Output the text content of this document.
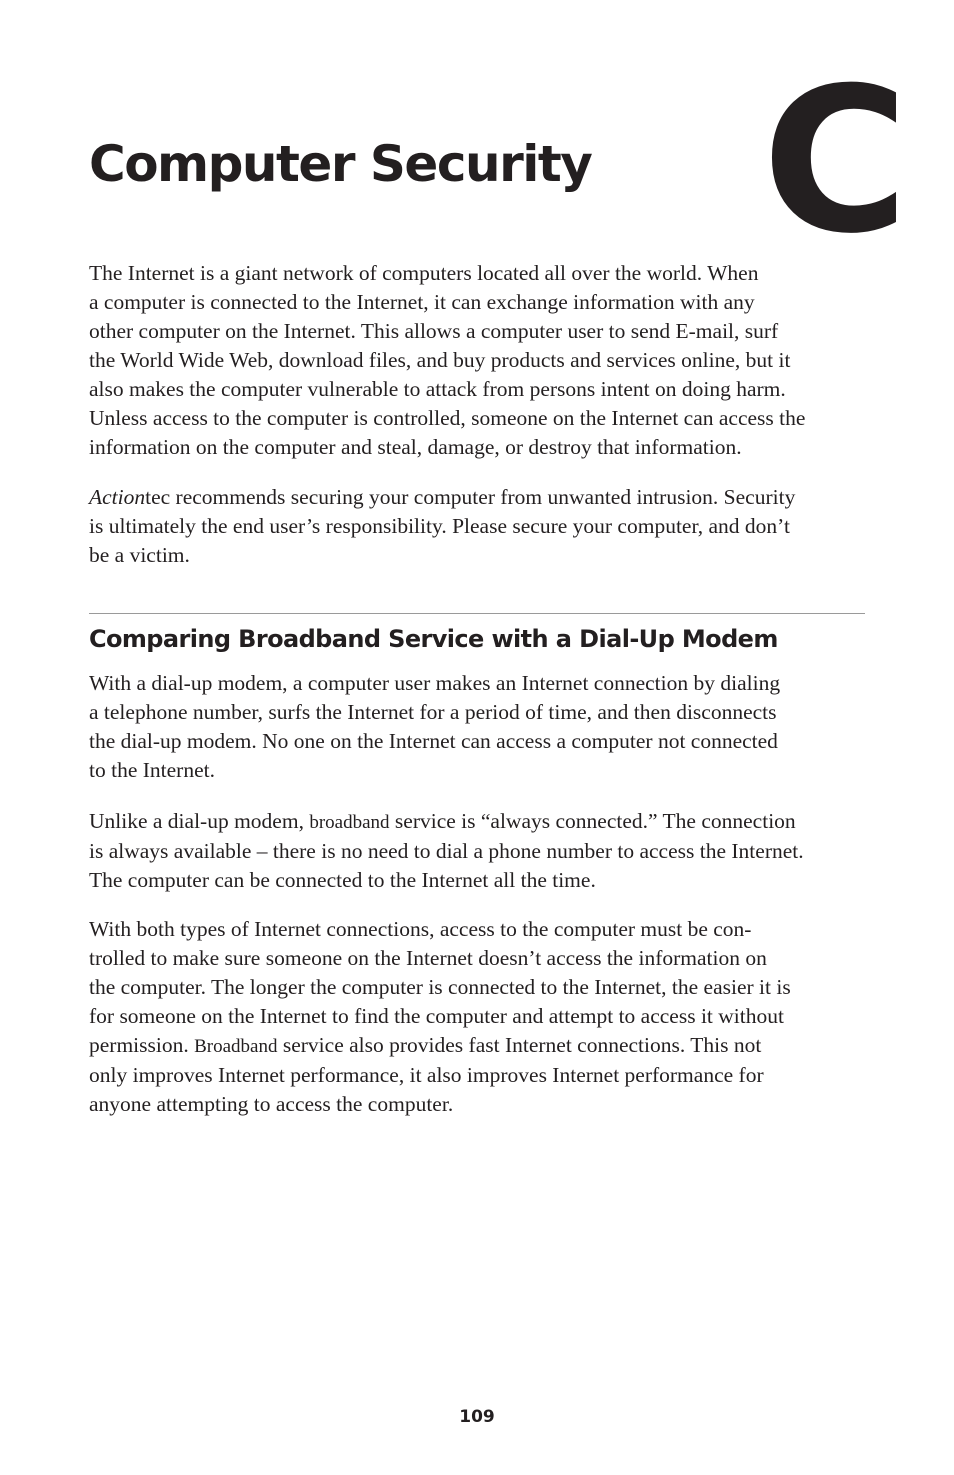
C
Computer Security

The Internet is a giant network of computers located all over the world. When
a computer is connected to the Internet, it can exchange information with any
other computer on the Internet. This allows a computer user to send E-mail, surf
the World Wide Web, download files, and buy products and services online, but it
also makes the computer vulnerable to attack from persons intent on doing harm.
Unless access to the computer is controlled, someone on the Internet can access the
information on the computer and steal, damage, or destroy that information.

Actiontec recommends securing your computer from unwanted intrusion. Security
is ultimately the end user’s responsibility. Please secure your computer, and don’t
be a victim.

Comparing Broadband Service with a Dial-Up Modem

With a dial-up modem, a computer user makes an Internet connection by dialing
a telephone number, surfs the Internet for a period of time, and then disconnects
the dial-up modem. No one on the Internet can access a computer not connected
to the Internet.

Unlike a dial-up modem, broadband service is “always connected.” The connection
is always available – there is no need to dial a phone number to access the Internet.
The computer can be connected to the Internet all the time.

With both types of Internet connections, access to the computer must be con-
trolled to make sure someone on the Internet doesn’t access the information on
the computer. The longer the computer is connected to the Internet, the easier it is
for someone on the Internet to find the computer and attempt to access it without
permission. Broadband service also provides fast Internet connections. This not
only improves Internet performance, it also improves Internet performance for
anyone attempting to access the computer.

109
